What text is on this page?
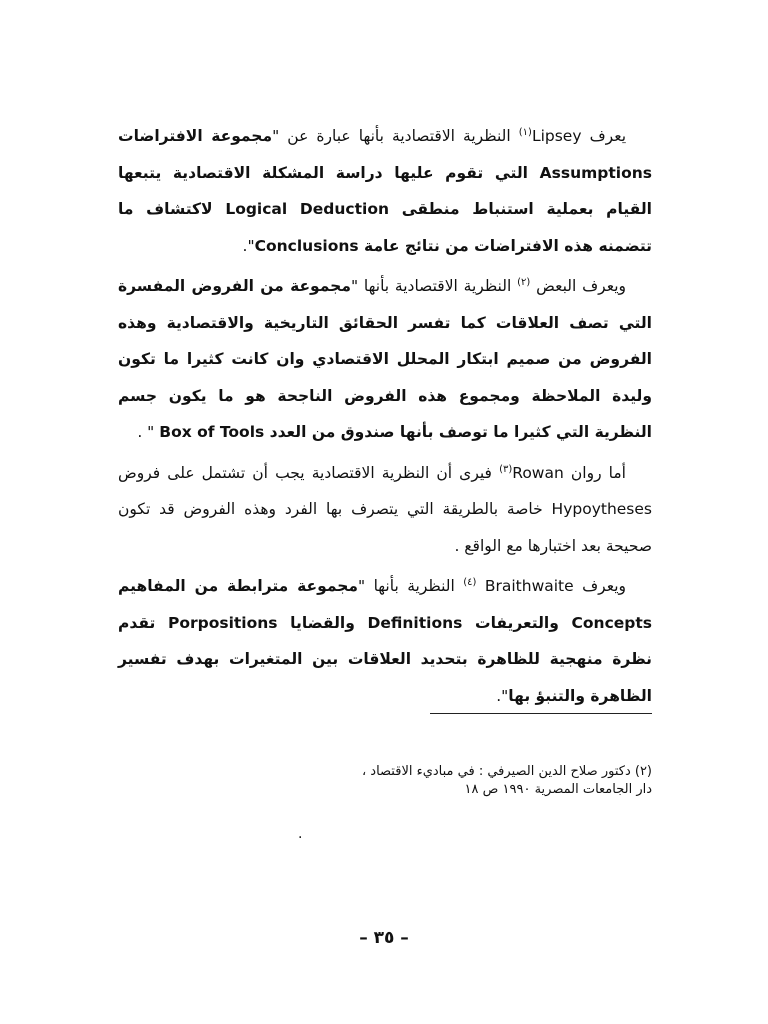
يعرف Lipsey$^{(١)}$ النظرية الاقتصادية بأنها عبارة عن "مجموعة الافتراضات Assumptions التي تقوم عليها دراسة المشكلة الاقتصادية يتبعها القيام بعملية استنباط منطقى Logical Deduction لاكتشاف ما تتضمنه هذه الافتراضات من نتائج عامة Conclusions".

ويعرف البعض $^{(٢)}$ النظرية الاقتصادية بأنها "مجموعة من الفروض المفسرة التي تصف العلاقات كما تفسر الحقائق التاريخية والاقتصادية وهذه الفروض من صميم ابتكار المحلل الاقتصادي وان كانت كثيرا ما تكون وليدة الملاحظة ومجموع هذه الفروض الناجحة هو ما يكون جسم النظرية التي كثيرا ما توصف بأنها صندوق من العدد Box of Tools " .

أما روان Rowan$^{(٣)}$ فيرى أن النظرية الاقتصادية يجب أن تشتمل على فروض Hypoytheses خاصة بالطريقة التي يتصرف بها الفرد وهذه الفروض قد تكون صحيحة بعد اختبارها مع الواقع .

ويعرف Braithwaite $^{(٤)}$ النظرية بأنها "مجموعة مترابطة من المفاهيم Concepts والتعريفات Definitions والقضايا Porpositions تقدم نظرة منهجية للظاهرة بتحديد العلاقات بين المتغيرات بهدف تفسير الظاهرة والتنبؤ بها".

(٢) دكتور صلاح الدين الصيرفي : في مباديء الاقتصاد ،
دار الجامعات المصرية ١٩٩٠ ص ١٨
.
– ٣٥ –
